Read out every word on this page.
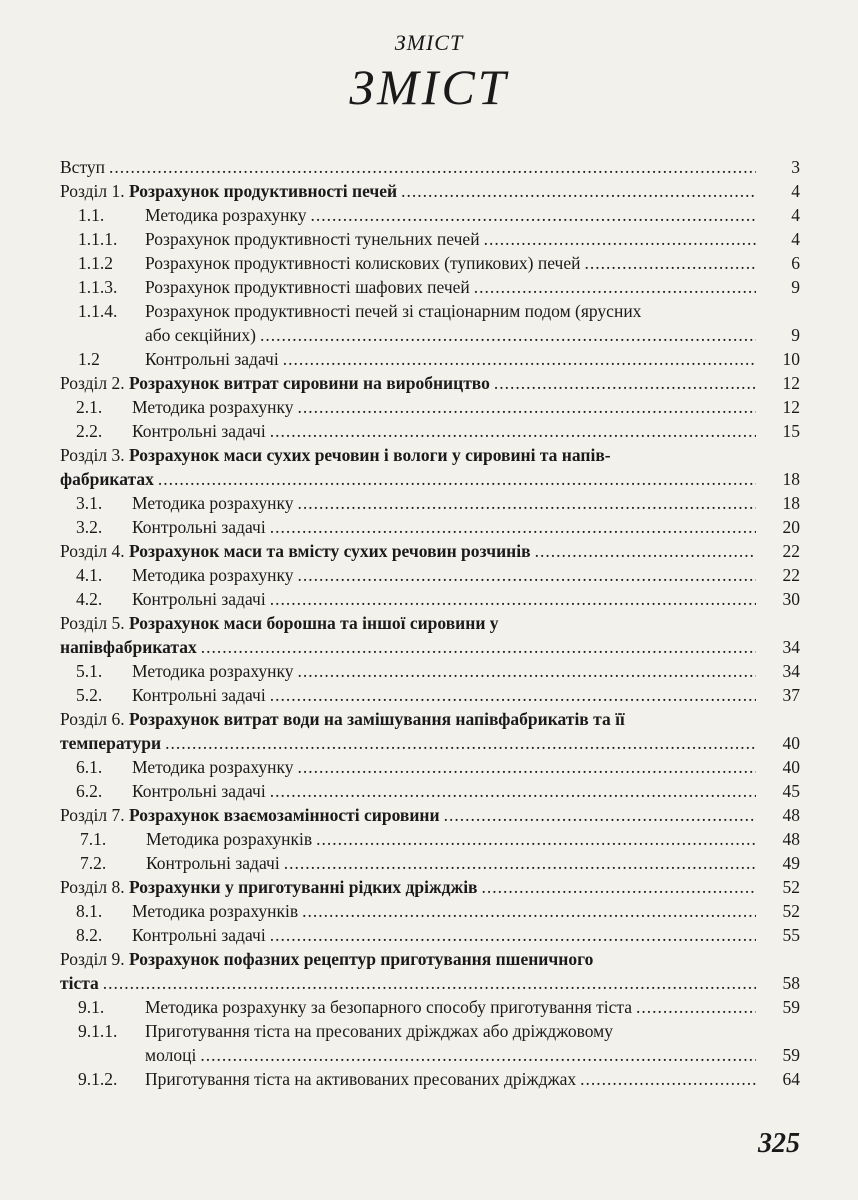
ЗМІСТ
ЗМІСТ
Вступ .....	3
Розділ 1. Розрахунок продуктивності печей .....	4
1.1.	Методика розрахунку .....	4
1.1.1.	Розрахунок продуктивності тунельних печей .....	4
1.1.2	Розрахунок продуктивності колискових (тупикових) печей .....	6
1.1.3.	Розрахунок продуктивності шафових печей .....	9
1.1.4.	Розрахунок продуктивності печей зі стаціонарним подом (ярусних
або секційних) .....	9
1.2	Контрольні задачі .....	10
Розділ 2. Розрахунок витрат сировини на виробництво .....	12
2.1.	Методика розрахунку .....	12
2.2.	Контрольні задачі .....	15
Розділ 3. Розрахунок маси сухих речовин і вологи у сировині та напів-
фабрикатах .....	18
3.1.	Методика розрахунку .....	18
3.2.	Контрольні задачі .....	20
Розділ 4. Розрахунок маси та вмісту сухих речовин розчинів .....	22
4.1.	Методика розрахунку .....	22
4.2.	Контрольні задачі .....	30
Розділ 5. Розрахунок маси борошна та іншої сировини у
напівфабрикатах .....	34
5.1.	Методика розрахунку .....	34
5.2.	Контрольні задачі .....	37
Розділ 6. Розрахунок витрат води на замішування напівфабрикатів та її
температури .....	40
6.1.	Методика розрахунку .....	40
6.2.	Контрольні задачі .....	45
Розділ 7. Розрахунок взаємозамінності сировини .....	48
7.1.	Методика розрахунків .....	48
7.2.	Контрольні задачі .....	49
Розділ 8. Розрахунки у приготуванні рідких дріжджів .....	52
8.1.	Методика розрахунків .....	52
8.2.	Контрольні задачі .....	55
Розділ 9. Розрахунок пофазних рецептур приготування пшеничного
тіста .....	58
9.1.	Методика розрахунку за безопарного способу приготування тіста .....	59
9.1.1.	Приготування тіста на пресованих дріжджах або дріжджовому
молоці .....	59
9.1.2.	Приготування тіста на активованих пресованих дріжджах .....	64
325
